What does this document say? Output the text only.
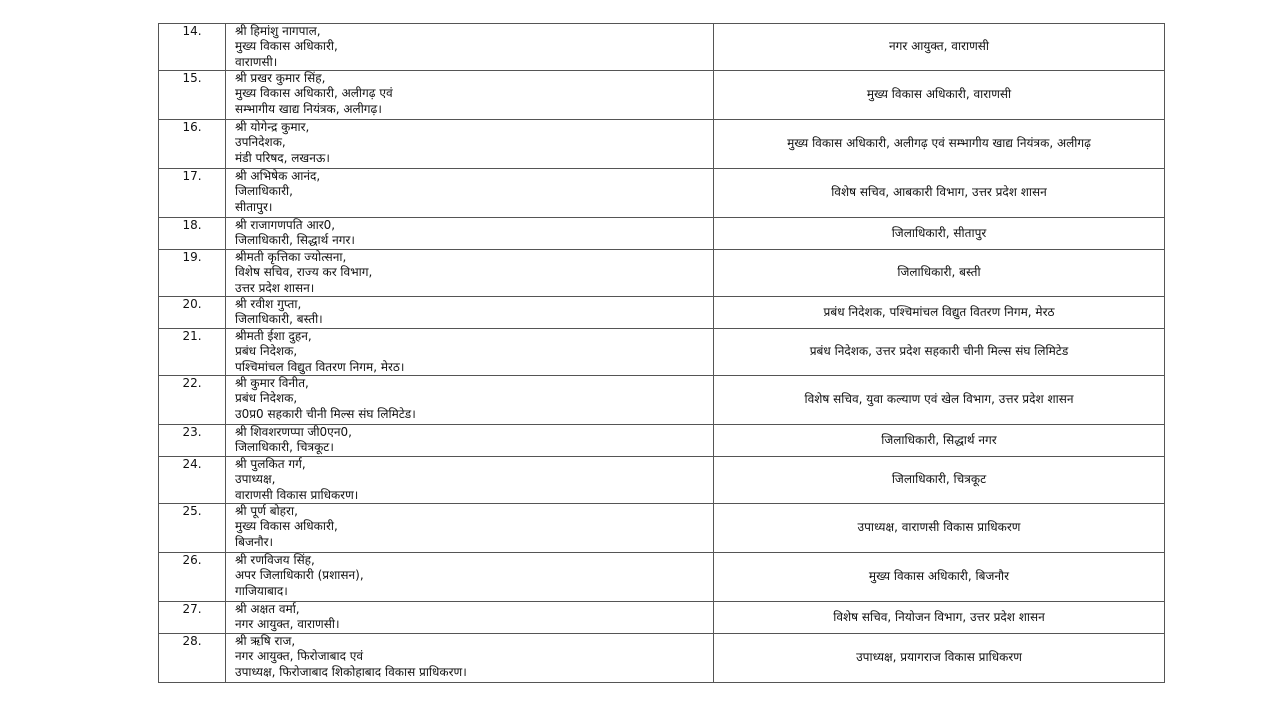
14.	श्री हिमांशु नागपाल,
मुख्य विकास अधिकारी,
वाराणसी।	नगर आयुक्त, वाराणसी
15.	श्री प्रखर कुमार सिंह,
मुख्य विकास अधिकारी, अलीगढ़ एवं
सम्भागीय खाद्य नियंत्रक, अलीगढ़।	मुख्य विकास अधिकारी, वाराणसी
16.	श्री योगेन्द्र कुमार,
उपनिदेशक,
मंडी परिषद, लखनऊ।	मुख्य विकास अधिकारी, अलीगढ़ एवं सम्भागीय खाद्य नियंत्रक, अलीगढ़
17.	श्री अभिषेक आनंद,
जिलाधिकारी,
सीतापुर।	विशेष सचिव, आबकारी विभाग, उत्तर प्रदेश शासन
18.	श्री राजागणपति आर0,
जिलाधिकारी, सिद्धार्थ नगर।	जिलाधिकारी, सीतापुर
19.	श्रीमती कृत्तिका ज्योत्सना,
विशेष सचिव, राज्य कर विभाग,
उत्तर प्रदेश शासन।	जिलाधिकारी, बस्ती
20.	श्री रवीश गुप्ता,
जिलाधिकारी, बस्ती।	प्रबंध निदेशक, पश्चिमांचल विद्युत वितरण निगम, मेरठ
21.	श्रीमती ईशा दुहन,
प्रबंध निदेशक,
पश्चिमांचल विद्युत वितरण निगम, मेरठ।	प्रबंध निदेशक, उत्तर प्रदेश सहकारी चीनी मिल्स संघ लिमिटेड
22.	श्री कुमार विनीत,
प्रबंध निदेशक,
उ0प्र0 सहकारी चीनी मिल्स संघ लिमिटेड।	विशेष सचिव, युवा कल्याण एवं खेल विभाग, उत्तर प्रदेश शासन
23.	श्री शिवशरणप्पा जी0एन0,
जिलाधिकारी, चित्रकूट।	जिलाधिकारी, सिद्धार्थ नगर
24.	श्री पुलकित गर्ग,
उपाध्यक्ष,
वाराणसी विकास प्राधिकरण।	जिलाधिकारी, चित्रकूट
25.	श्री पूर्ण बोहरा,
मुख्य विकास अधिकारी,
बिजनौर।	उपाध्यक्ष, वाराणसी विकास प्राधिकरण
26.	श्री रणविजय सिंह,
अपर जिलाधिकारी (प्रशासन),
गाजियाबाद।	मुख्य विकास अधिकारी, बिजनौर
27.	श्री अक्षत वर्मा,
नगर आयुक्त, वाराणसी।	विशेष सचिव, नियोजन विभाग, उत्तर प्रदेश शासन
28.	श्री ऋषि राज,
नगर आयुक्त, फिरोजाबाद एवं
उपाध्यक्ष, फिरोजाबाद शिकोहाबाद विकास प्राधिकरण।	उपाध्यक्ष, प्रयागराज विकास प्राधिकरण
